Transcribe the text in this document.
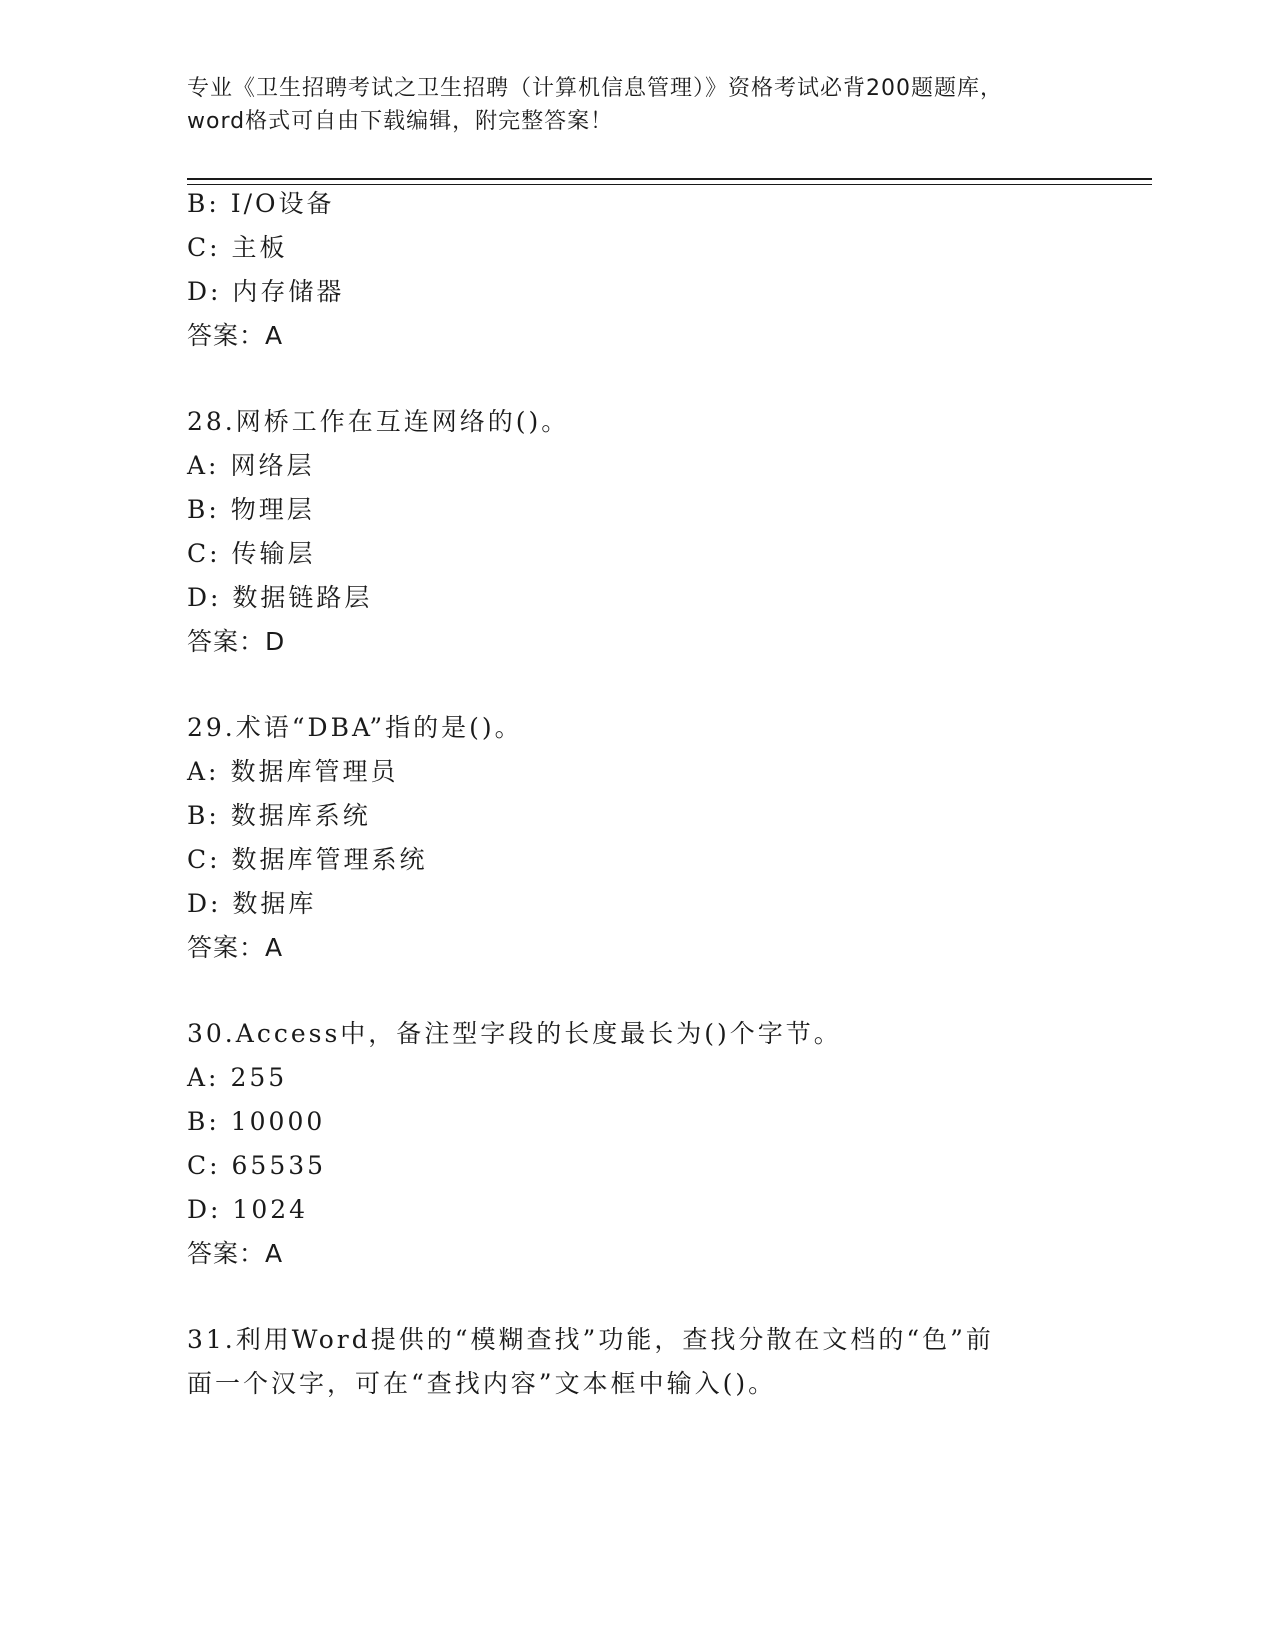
专业《卫生招聘考试之卫生招聘（计算机信息管理）》资格考试必背200题题库，
word格式可自由下载编辑，附完整答案！
B: I/O设备
C: 主板
D: 内存储器
答案：A
28.网桥工作在互连网络的()。
A: 网络层
B: 物理层
C: 传输层
D: 数据链路层
答案：D
29.术语“DBA”指的是()。
A: 数据库管理员
B: 数据库系统
C: 数据库管理系统
D: 数据库
答案：A
30.Access中，备注型字段的长度最长为()个字节。
A: 255
B: 10000
C: 65535
D: 1024
答案：A
31.利用Word提供的“模糊查找”功能，查找分散在文档的“色”前
面一个汉字，可在“查找内容”文本框中输入()。
